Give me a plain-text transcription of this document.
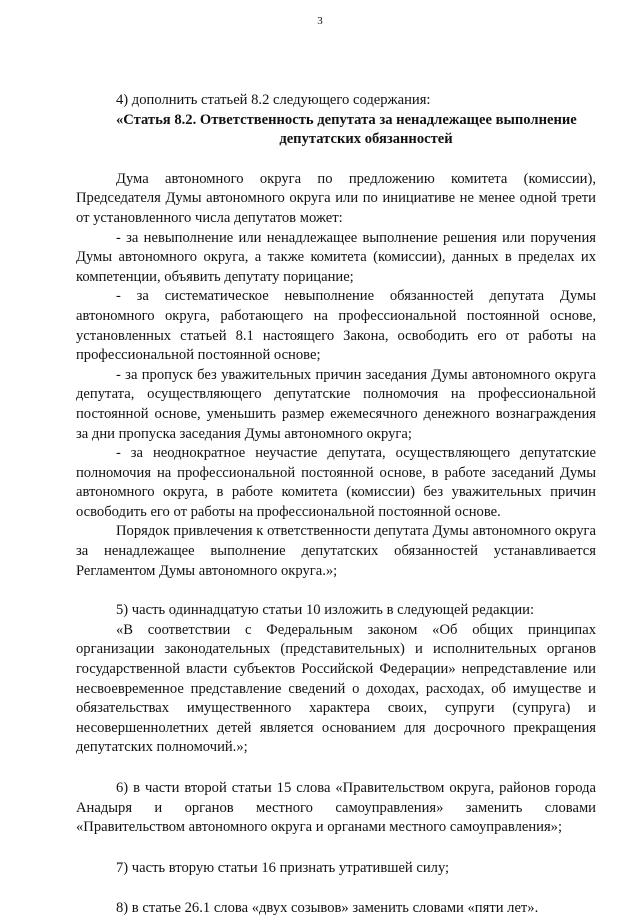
3

4) дополнить статьей 8.2 следующего содержания:

«Статья 8.2. Ответственность депутата за ненадлежащее выполнение

депутатских обязанностей

Дума автономного округа по предложению комитета (комиссии), Председателя Думы автономного округа или по инициативе не менее одной трети от установленного числа депутатов может:

- за невыполнение или ненадлежащее выполнение решения или поручения Думы автономного округа, а также комитета (комиссии), данных в пределах их компетенции, объявить депутату порицание;

- за систематическое невыполнение обязанностей депутата Думы автономного округа, работающего на профессиональной постоянной основе, установленных статьей 8.1 настоящего Закона, освободить его от работы на профессиональной постоянной основе;

- за пропуск без уважительных причин заседания Думы автономного округа депутата, осуществляющего депутатские полномочия на профессиональной постоянной основе, уменьшить размер ежемесячного денежного вознаграждения за дни пропуска заседания Думы автономного округа;

- за неоднократное неучастие депутата, осуществляющего депутатские полномочия на профессиональной постоянной основе, в работе заседаний Думы автономного округа, в работе комитета (комиссии) без уважительных причин освободить его от работы на профессиональной постоянной основе.

Порядок привлечения к ответственности депутата Думы автономного округа за ненадлежащее выполнение депутатских обязанностей устанавливается Регламентом Думы автономного округа.»;

5) часть одиннадцатую статьи 10 изложить в следующей редакции:

«В соответствии с Федеральным законом «Об общих принципах организации законодательных (представительных) и исполнительных органов государственной власти субъектов Российской Федерации» непредставление или несвоевременное представление сведений о доходах, расходах, об имуществе и обязательствах имущественного характера своих, супруги (супруга) и несовершеннолетних детей является основанием для досрочного прекращения депутатских полномочий.»;

6) в части второй статьи 15 слова «Правительством округа, районов города Анадыря и органов местного самоуправления» заменить словами «Правительством автономного округа и органами местного самоуправления»;

7) часть вторую статьи 16 признать утратившей силу;

8) в статье 26.1 слова «двух созывов» заменить словами «пяти лет».
